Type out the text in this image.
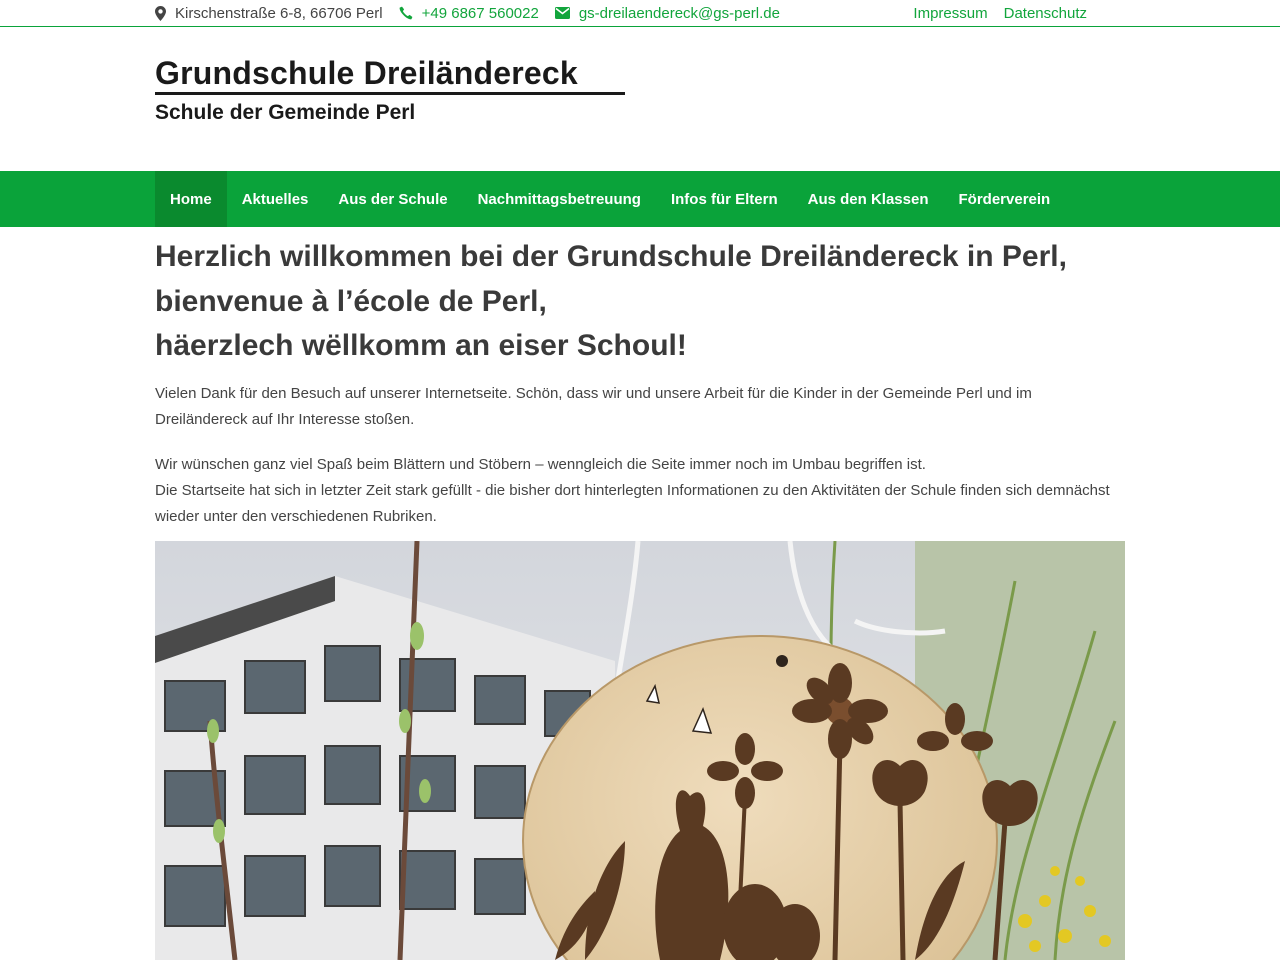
Kirschenstraße 6-8, 66706 Perl	+49 6867 560022	gs-dreilaendereck@gs-perl.de	Impressum Datenschutz
Grundschule Dreiländereck
Schule der Gemeinde Perl
Home	Aktuelles	Aus der Schule	Nachmittagsbetreuung	Infos für Eltern	Aus den Klassen	Förderverein
Herzlich willkommen bei der Grundschule Dreiländereck in Perl,
bienvenue à l’école de Perl,
häerzlech wëllkomm an eiser Schoul!

Vielen Dank für den Besuch auf unserer Internetseite. Schön, dass wir und unsere Arbeit für die Kinder in der Gemeinde Perl und im Dreiländereck auf Ihr Interesse stoßen.

Wir wünschen ganz viel Spaß beim Blättern und Stöbern – wenngleich die Seite immer noch im Umbau begriffen ist.
Die Startseite hat sich in letzter Zeit stark gefüllt - die bisher dort hinterlegten Informationen zu den Aktivitäten der Schule finden sich demnächst wieder unter den verschiedenen Rubriken.
